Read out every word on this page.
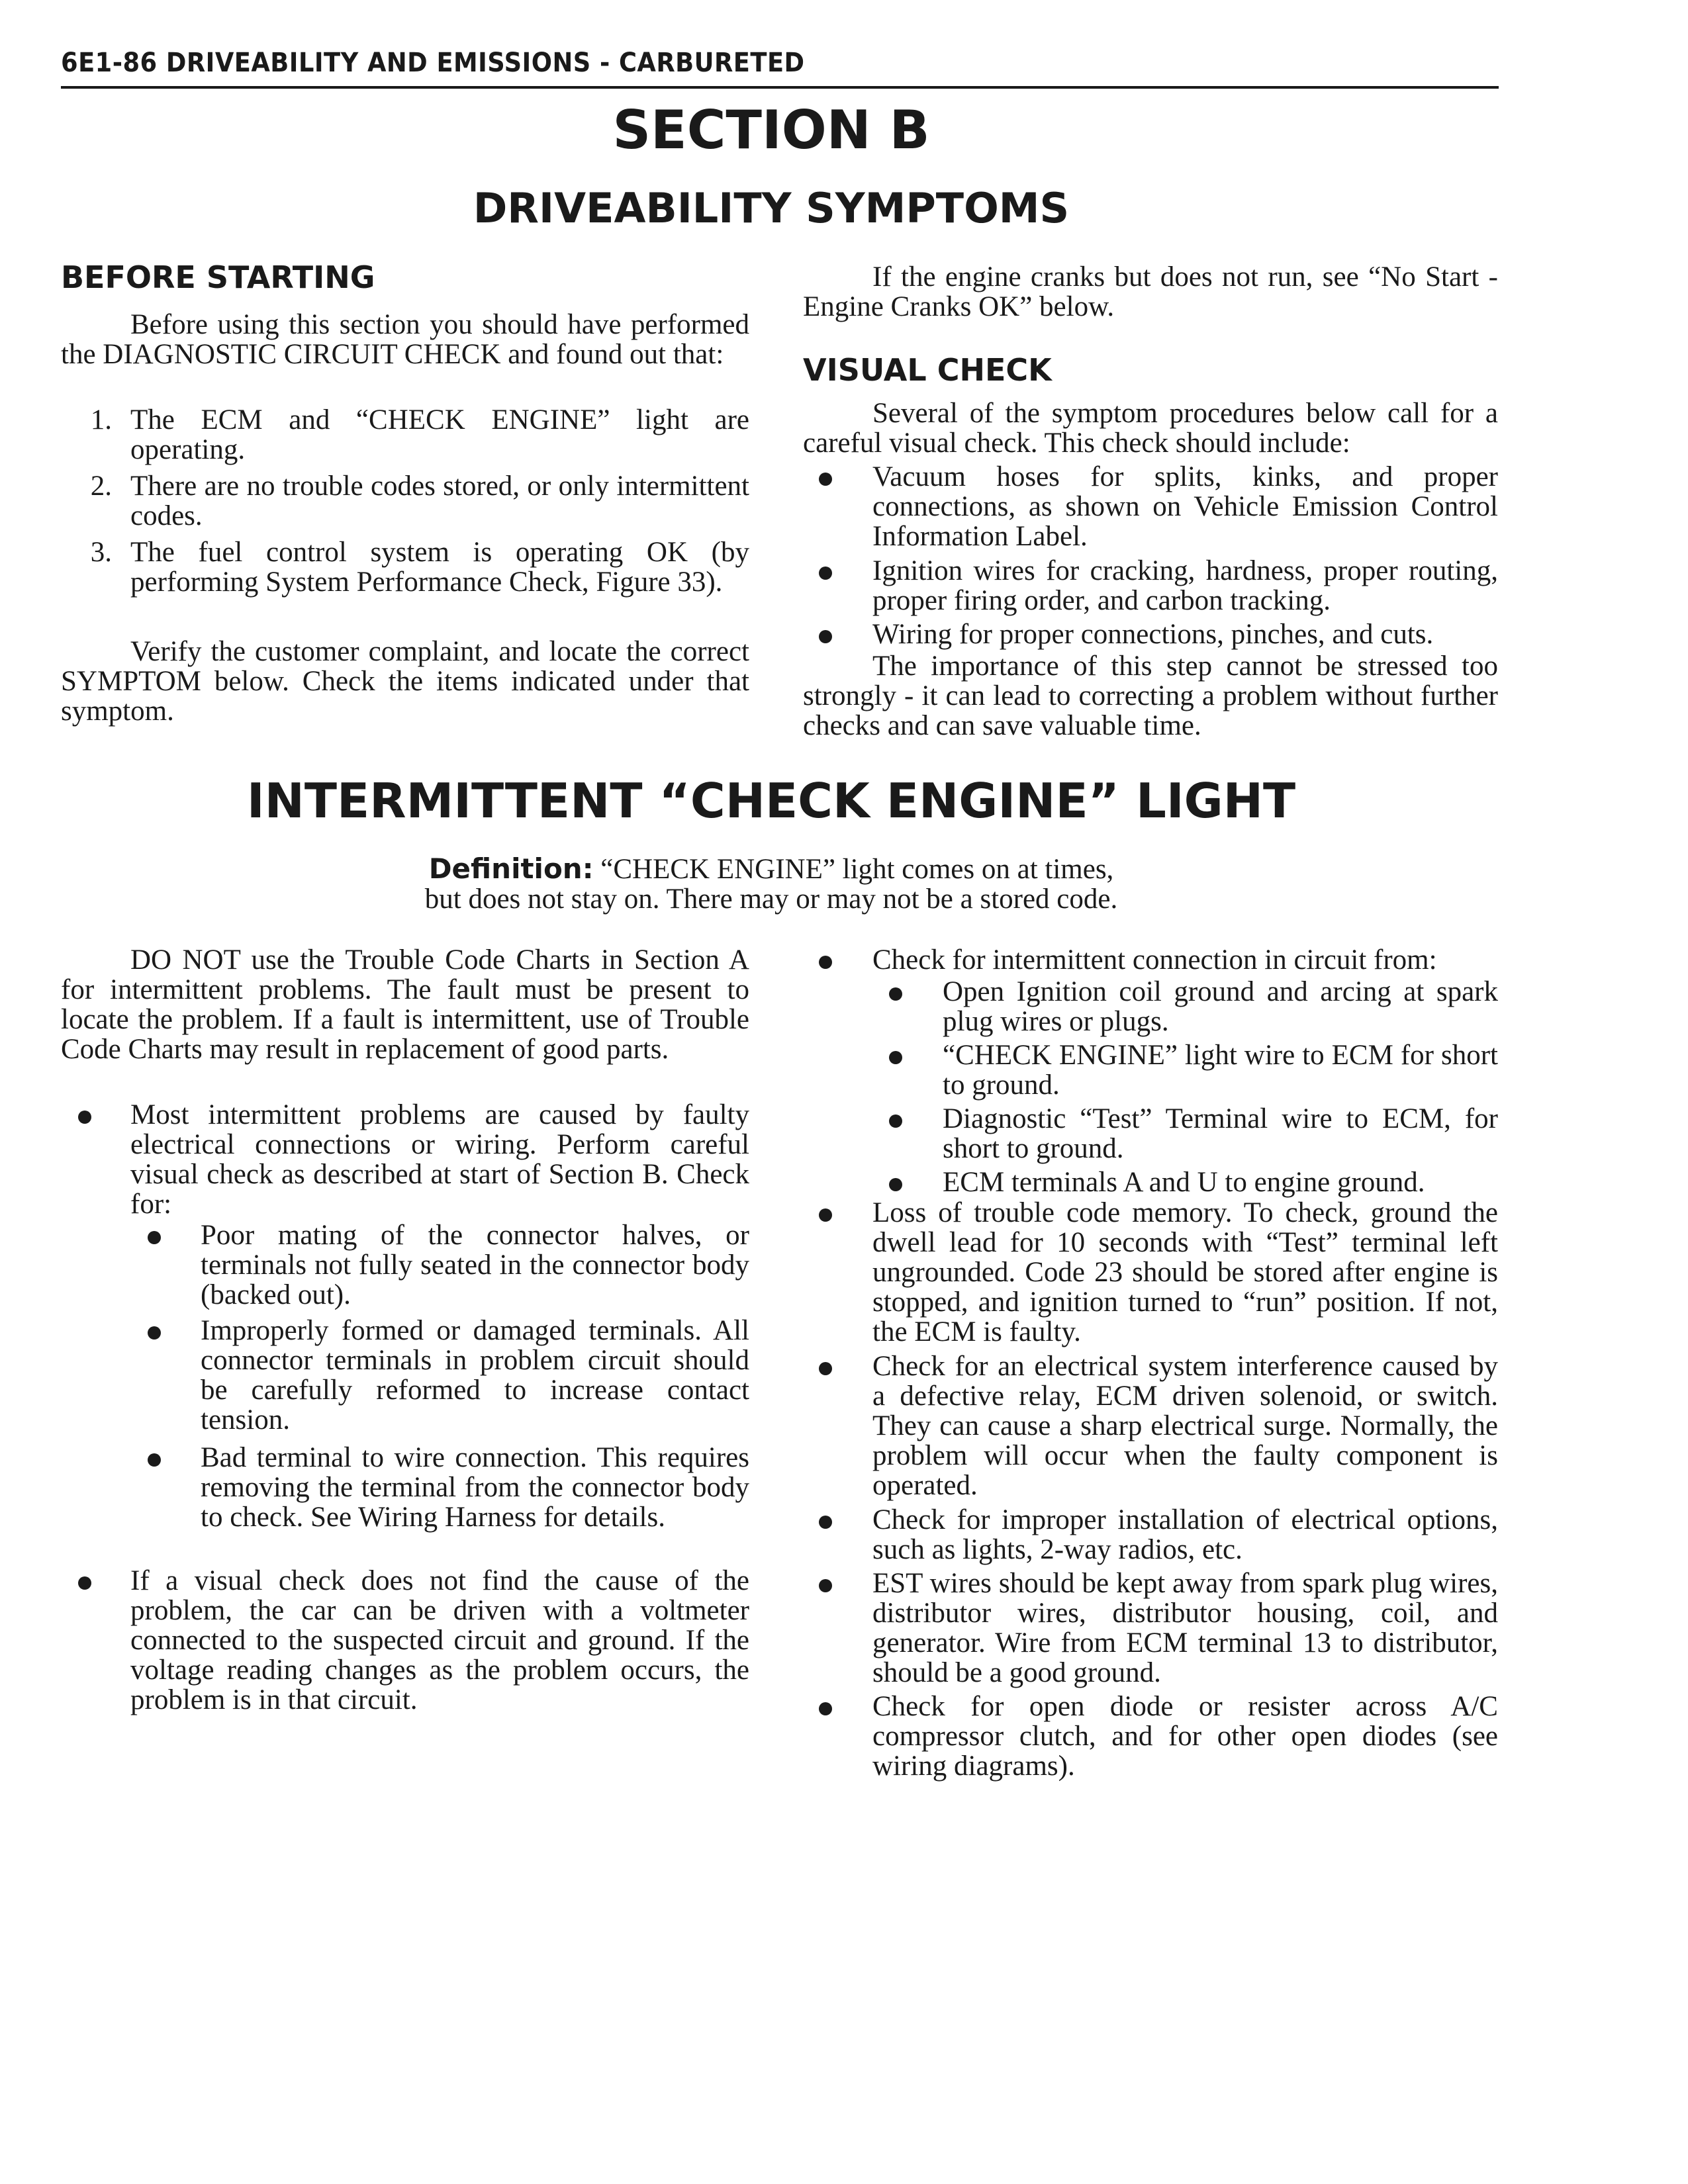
6E1-86 DRIVEABILITY AND EMISSIONS - CARBURETED
SECTION B
DRIVEABILITY SYMPTOMS
BEFORE STARTING
Before using this section you should have performed the DIAGNOSTIC CIRCUIT CHECK and found out that:
1. The ECM and “CHECK ENGINE” light are operating.
2. There are no trouble codes stored, or only intermittent codes.
3. The fuel control system is operating OK (by performing System Performance Check, Figure 33).
Verify the customer complaint, and locate the correct SYMPTOM below. Check the items indicated under that symptom.
If the engine cranks but does not run, see “No Start - Engine Cranks OK” below.
VISUAL CHECK
Several of the symptom procedures below call for a careful visual check. This check should include:
Vacuum hoses for splits, kinks, and proper connections, as shown on Vehicle Emission Control Information Label.
Ignition wires for cracking, hardness, proper routing, proper firing order, and carbon tracking.
Wiring for proper connections, pinches, and cuts.
The importance of this step cannot be stressed too strongly - it can lead to correcting a problem without further checks and can save valuable time.
INTERMITTENT “CHECK ENGINE” LIGHT
Definition: “CHECK ENGINE” light comes on at times,
but does not stay on. There may or may not be a stored code.
DO NOT use the Trouble Code Charts in Section A for intermittent problems. The fault must be present to locate the problem. If a fault is intermittent, use of Trouble Code Charts may result in replacement of good parts.
Most intermittent problems are caused by faulty electrical connections or wiring. Perform careful visual check as described at start of Section B. Check for:
Poor mating of the connector halves, or terminals not fully seated in the connector body (backed out).
Improperly formed or damaged terminals. All connector terminals in problem circuit should be carefully reformed to increase contact tension.
Bad terminal to wire connection. This requires removing the terminal from the connector body to check. See Wiring Harness for details.
If a visual check does not find the cause of the problem, the car can be driven with a voltmeter connected to the suspected circuit and ground. If the voltage reading changes as the problem occurs, the problem is in that circuit.
Check for intermittent connection in circuit from:
Open Ignition coil ground and arcing at spark plug wires or plugs.
“CHECK ENGINE” light wire to ECM for short to ground.
Diagnostic “Test” Terminal wire to ECM, for short to ground.
ECM terminals A and U to engine ground.
Loss of trouble code memory. To check, ground the dwell lead for 10 seconds with “Test” terminal left ungrounded. Code 23 should be stored after engine is stopped, and ignition turned to “run” position. If not, the ECM is faulty.
Check for an electrical system interference caused by a defective relay, ECM driven solenoid, or switch. They can cause a sharp electrical surge. Normally, the problem will occur when the faulty component is operated.
Check for improper installation of electrical options, such as lights, 2-way radios, etc.
EST wires should be kept away from spark plug wires, distributor wires, distributor housing, coil, and generator. Wire from ECM terminal 13 to distributor, should be a good ground.
Check for open diode or resister across A/C compressor clutch, and for other open diodes (see wiring diagrams).
